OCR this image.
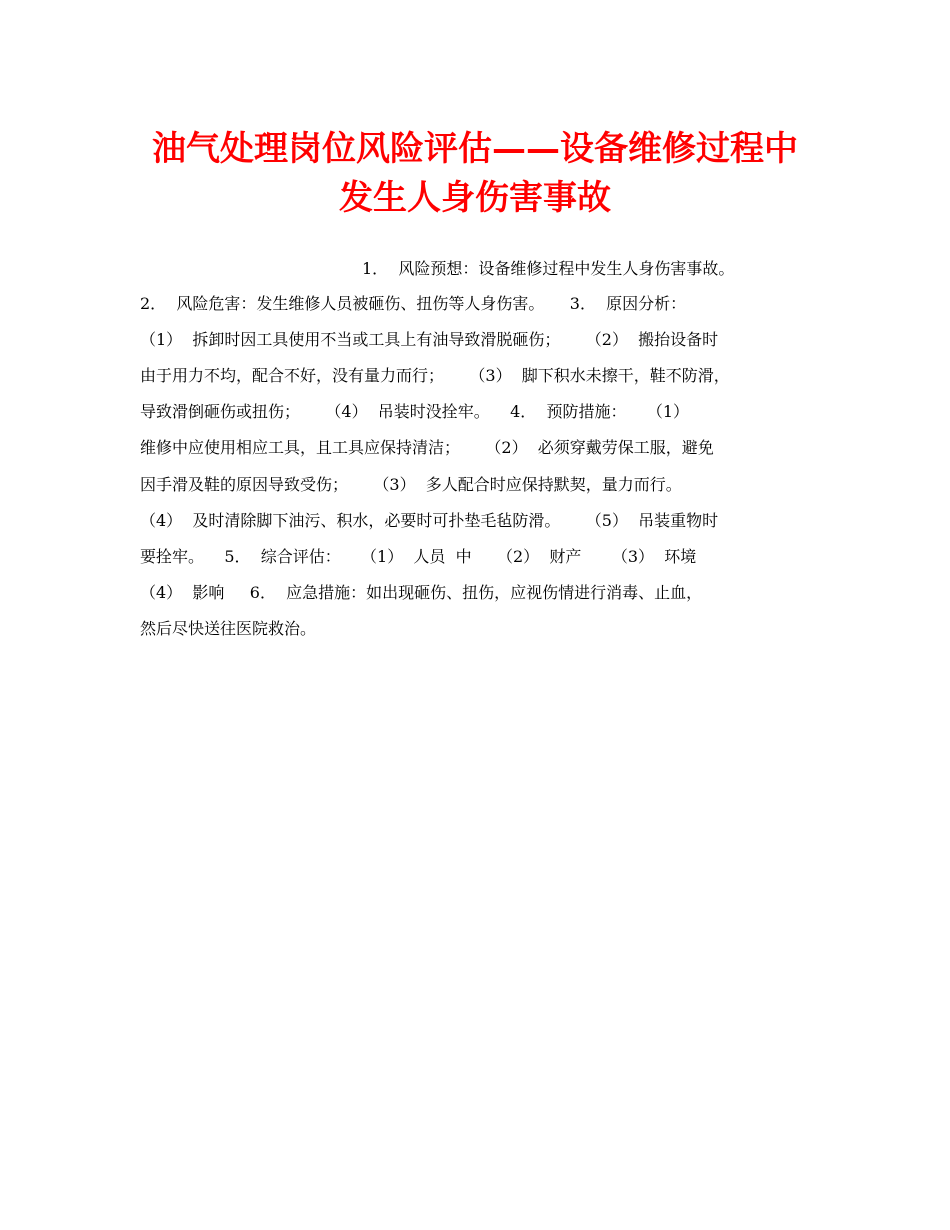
油气处理岗位风险评估——设备维修过程中
发生人身伤害事故
1．  风险预想：设备维修过程中发生人身伤害事故。
2．  风险危害：发生维修人员被砸伤、扭伤等人身伤害。     3．  原因分析：
（1）  拆卸时因工具使用不当或工具上有油导致滑脱砸伤；     （2）  搬抬设备时
由于用力不均，配合不好，没有量力而行；     （3）  脚下积水未擦干，鞋不防滑，
导致滑倒砸伤或扭伤；     （4）  吊装时没拴牢。    4．  预防措施：    （1）
维修中应使用相应工具，且工具应保持清洁；     （2）  必须穿戴劳保工服，避免
因手滑及鞋的原因导致受伤；     （3）  多人配合时应保持默契，量力而行。
（4）  及时清除脚下油污、积水，必要时可扑垫毛毡防滑。     （5）  吊装重物时
要拴牢。    5．  综合评估：    （1）  人员  中     （2）  财产      （3）  环境
（4）  影响     6．  应急措施：如出现砸伤、扭伤，应视伤情进行消毒、止血，
然后尽快送往医院救治。
